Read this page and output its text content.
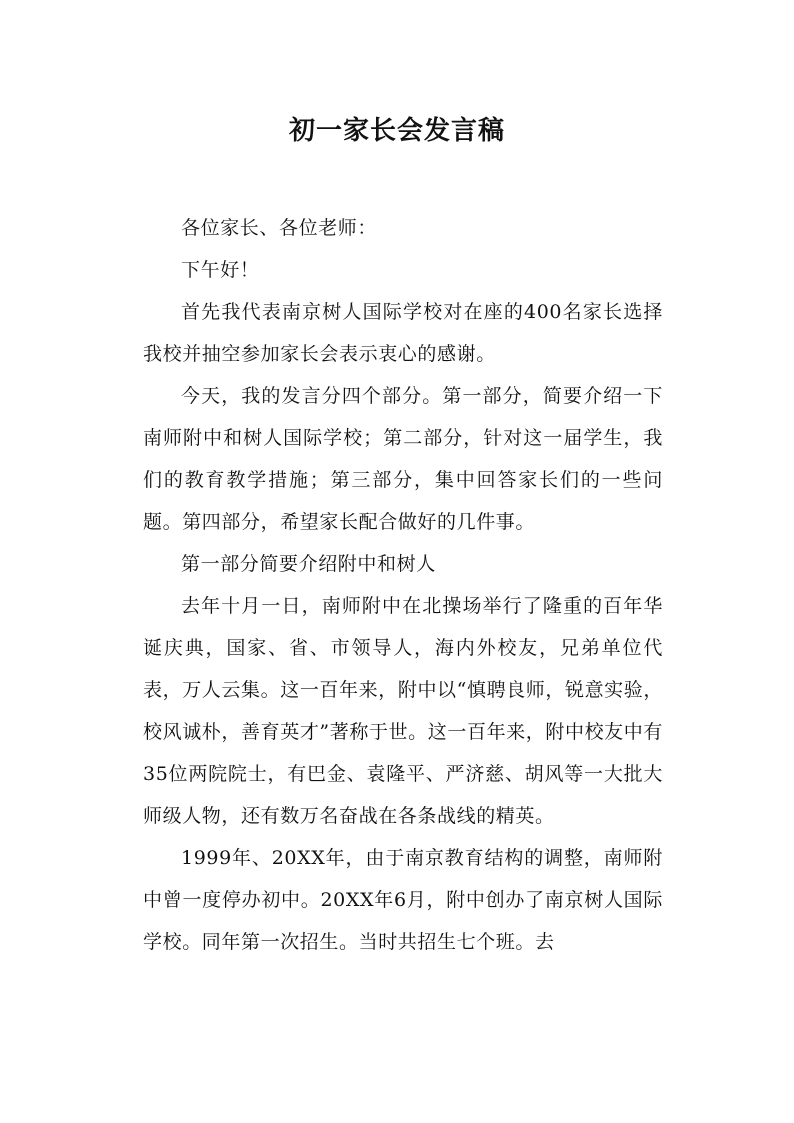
初一家长会发言稿

各位家长、各位老师：

下午好！

首先我代表南京树人国际学校对在座的400名家长选择我校并抽空参加家长会表示衷心的感谢。

今天，我的发言分四个部分。第一部分，简要介绍一下南师附中和树人国际学校；第二部分，针对这一届学生，我们的教育教学措施；第三部分，集中回答家长们的一些问题。第四部分，希望家长配合做好的几件事。

第一部分简要介绍附中和树人

去年十月一日，南师附中在北操场举行了隆重的百年华诞庆典，国家、省、市领导人，海内外校友，兄弟单位代表，万人云集。这一百年来，附中以“慎聘良师，锐意实验，校风诚朴，善育英才”著称于世。这一百年来，附中校友中有35位两院院士，有巴金、袁隆平、严济慈、胡风等一大批大师级人物，还有数万名奋战在各条战线的精英。

1999年、20XX年，由于南京教育结构的调整，南师附中曾一度停办初中。20XX年6月，附中创办了南京树人国际学校。同年第一次招生。当时共招生七个班。去
